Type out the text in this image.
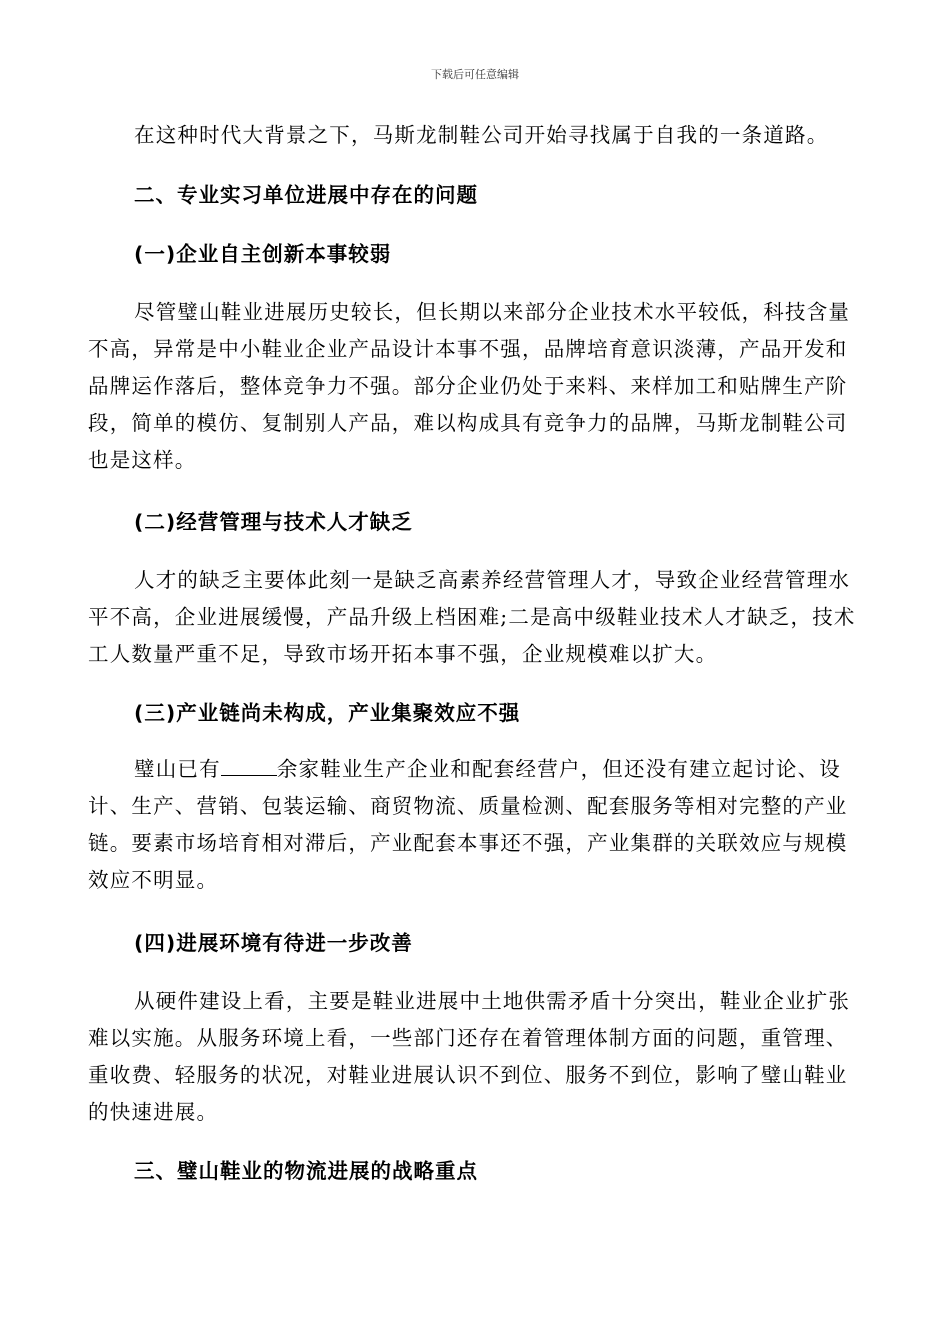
下载后可任意编辑

在这种时代大背景之下，马斯龙制鞋公司开始寻找属于自我的一条道路。

二、专业实习单位进展中存在的问题
(一)企业自主创新本事较弱

尽管璧山鞋业进展历史较长，但长期以来部分企业技术水平较低，科技含量不高，异常是中小鞋业企业产品设计本事不强，品牌培育意识淡薄，产品开发和品牌运作落后，整体竞争力不强。部分企业仍处于来料、来样加工和贴牌生产阶段，简单的模仿、复制别人产品，难以构成具有竞争力的品牌，马斯龙制鞋公司也是这样。

(二)经营管理与技术人才缺乏

人才的缺乏主要体此刻一是缺乏高素养经营管理人才，导致企业经营管理水平不高，企业进展缓慢，产品升级上档困难;二是高中级鞋业技术人才缺乏，技术工人数量严重不足，导致市场开拓本事不强，企业规模难以扩大。

(三)产业链尚未构成，产业集聚效应不强

璧山已有	余家鞋业生产企业和配套经营户，但还没有建立起讨论、设计、生产、营销、包装运输、商贸物流、质量检测、配套服务等相对完整的产业链。要素市场培育相对滞后，产业配套本事还不强，产业集群的关联效应与规模效应不明显。

(四)进展环境有待进一步改善

从硬件建设上看，主要是鞋业进展中土地供需矛盾十分突出，鞋业企业扩张难以实施。从服务环境上看，一些部门还存在着管理体制方面的问题，重管理、重收费、轻服务的状况，对鞋业进展认识不到位、服务不到位，影响了璧山鞋业的快速进展。

三、璧山鞋业的物流进展的战略重点
